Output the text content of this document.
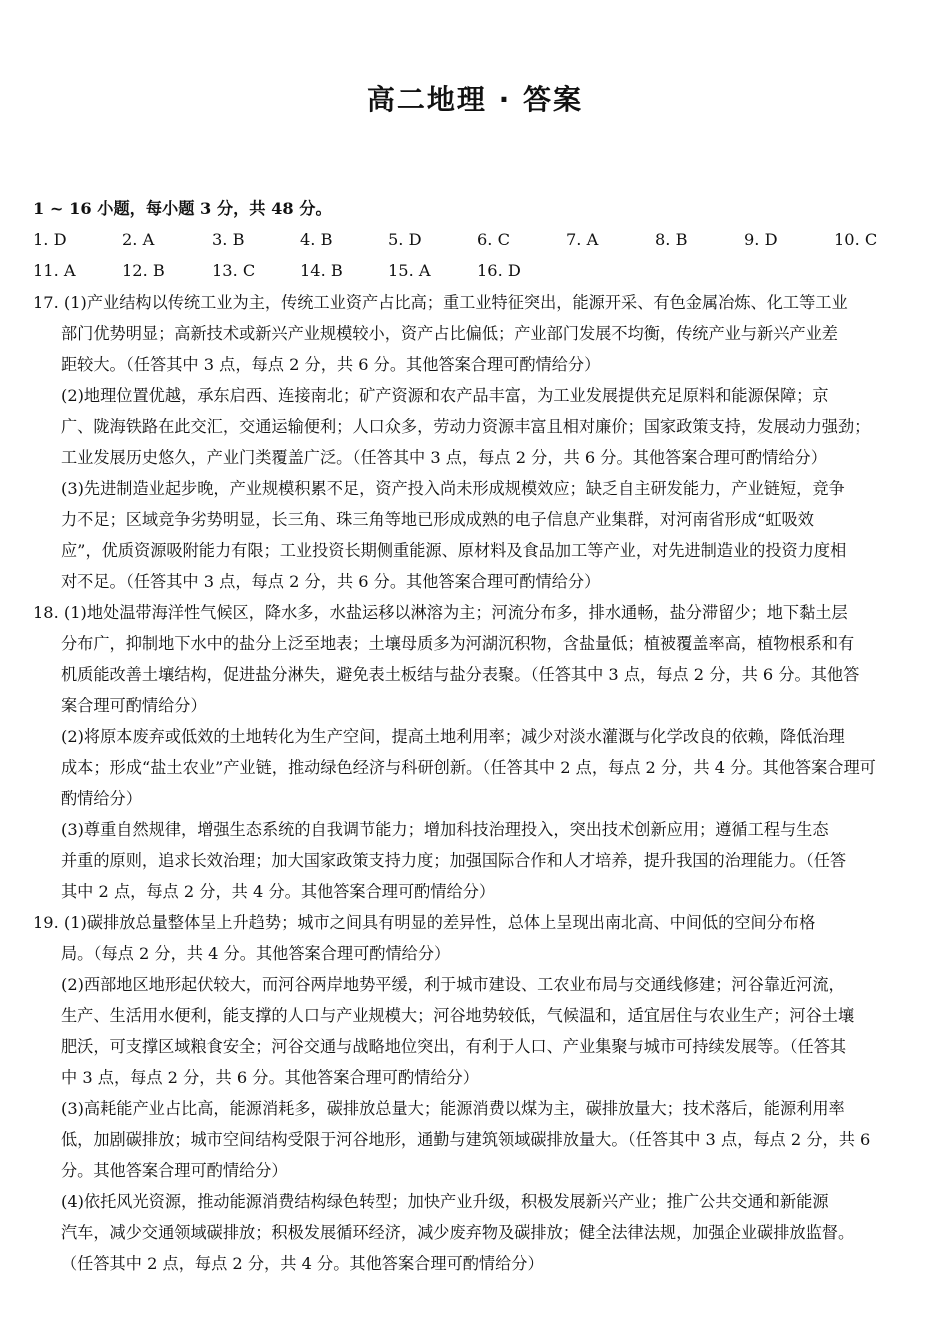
高二地理 · 答案
1 ~ 16 小题，每小题 3 分，共 48 分。
1. D	2. A	3. B	4. B	5. D	6. C	7. A	8. B	9. D	10. C
11. A	12. B	13. C	14. B	15. A	16. D
17. (1)产业结构以传统工业为主，传统工业资产占比高；重工业特征突出，能源开采、有色金属冶炼、化工等工业
部门优势明显；高新技术或新兴产业规模较小，资产占比偏低；产业部门发展不均衡，传统产业与新兴产业差
距较大。（任答其中 3 点，每点 2 分，共 6 分。其他答案合理可酌情给分）
(2)地理位置优越，承东启西、连接南北；矿产资源和农产品丰富，为工业发展提供充足原料和能源保障；京
广、陇海铁路在此交汇，交通运输便利；人口众多，劳动力资源丰富且相对廉价；国家政策支持，发展动力强劲；
工业发展历史悠久，产业门类覆盖广泛。（任答其中 3 点，每点 2 分，共 6 分。其他答案合理可酌情给分）
(3)先进制造业起步晚，产业规模积累不足，资产投入尚未形成规模效应；缺乏自主研发能力，产业链短，竞争
力不足；区域竞争劣势明显，长三角、珠三角等地已形成成熟的电子信息产业集群，对河南省形成“虹吸效
应”，优质资源吸附能力有限；工业投资长期侧重能源、原材料及食品加工等产业，对先进制造业的投资力度相
对不足。（任答其中 3 点，每点 2 分，共 6 分。其他答案合理可酌情给分）
18. (1)地处温带海洋性气候区，降水多，水盐运移以淋溶为主；河流分布多，排水通畅，盐分滞留少；地下黏土层
分布广，抑制地下水中的盐分上泛至地表；土壤母质多为河湖沉积物，含盐量低；植被覆盖率高，植物根系和有
机质能改善土壤结构，促进盐分淋失，避免表土板结与盐分表聚。（任答其中 3 点，每点 2 分，共 6 分。其他答
案合理可酌情给分）
(2)将原本废弃或低效的土地转化为生产空间，提高土地利用率；减少对淡水灌溉与化学改良的依赖，降低治理
成本；形成“盐土农业”产业链，推动绿色经济与科研创新。（任答其中 2 点，每点 2 分，共 4 分。其他答案合理可
酌情给分）
(3)尊重自然规律，增强生态系统的自我调节能力；增加科技治理投入，突出技术创新应用；遵循工程与生态
并重的原则，追求长效治理；加大国家政策支持力度；加强国际合作和人才培养，提升我国的治理能力。（任答
其中 2 点，每点 2 分，共 4 分。其他答案合理可酌情给分）
19. (1)碳排放总量整体呈上升趋势；城市之间具有明显的差异性，总体上呈现出南北高、中间低的空间分布格
局。（每点 2 分，共 4 分。其他答案合理可酌情给分）
(2)西部地区地形起伏较大，而河谷两岸地势平缓，利于城市建设、工农业布局与交通线修建；河谷靠近河流，
生产、生活用水便利，能支撑的人口与产业规模大；河谷地势较低，气候温和，适宜居住与农业生产；河谷土壤
肥沃，可支撑区域粮食安全；河谷交通与战略地位突出，有利于人口、产业集聚与城市可持续发展等。（任答其
中 3 点，每点 2 分，共 6 分。其他答案合理可酌情给分）
(3)高耗能产业占比高，能源消耗多，碳排放总量大；能源消费以煤为主，碳排放量大；技术落后，能源利用率
低，加剧碳排放；城市空间结构受限于河谷地形，通勤与建筑领域碳排放量大。（任答其中 3 点，每点 2 分，共 6
分。其他答案合理可酌情给分）
(4)依托风光资源，推动能源消费结构绿色转型；加快产业升级，积极发展新兴产业；推广公共交通和新能源
汽车，减少交通领域碳排放；积极发展循环经济，减少废弃物及碳排放；健全法律法规，加强企业碳排放监督。
（任答其中 2 点，每点 2 分，共 4 分。其他答案合理可酌情给分）
